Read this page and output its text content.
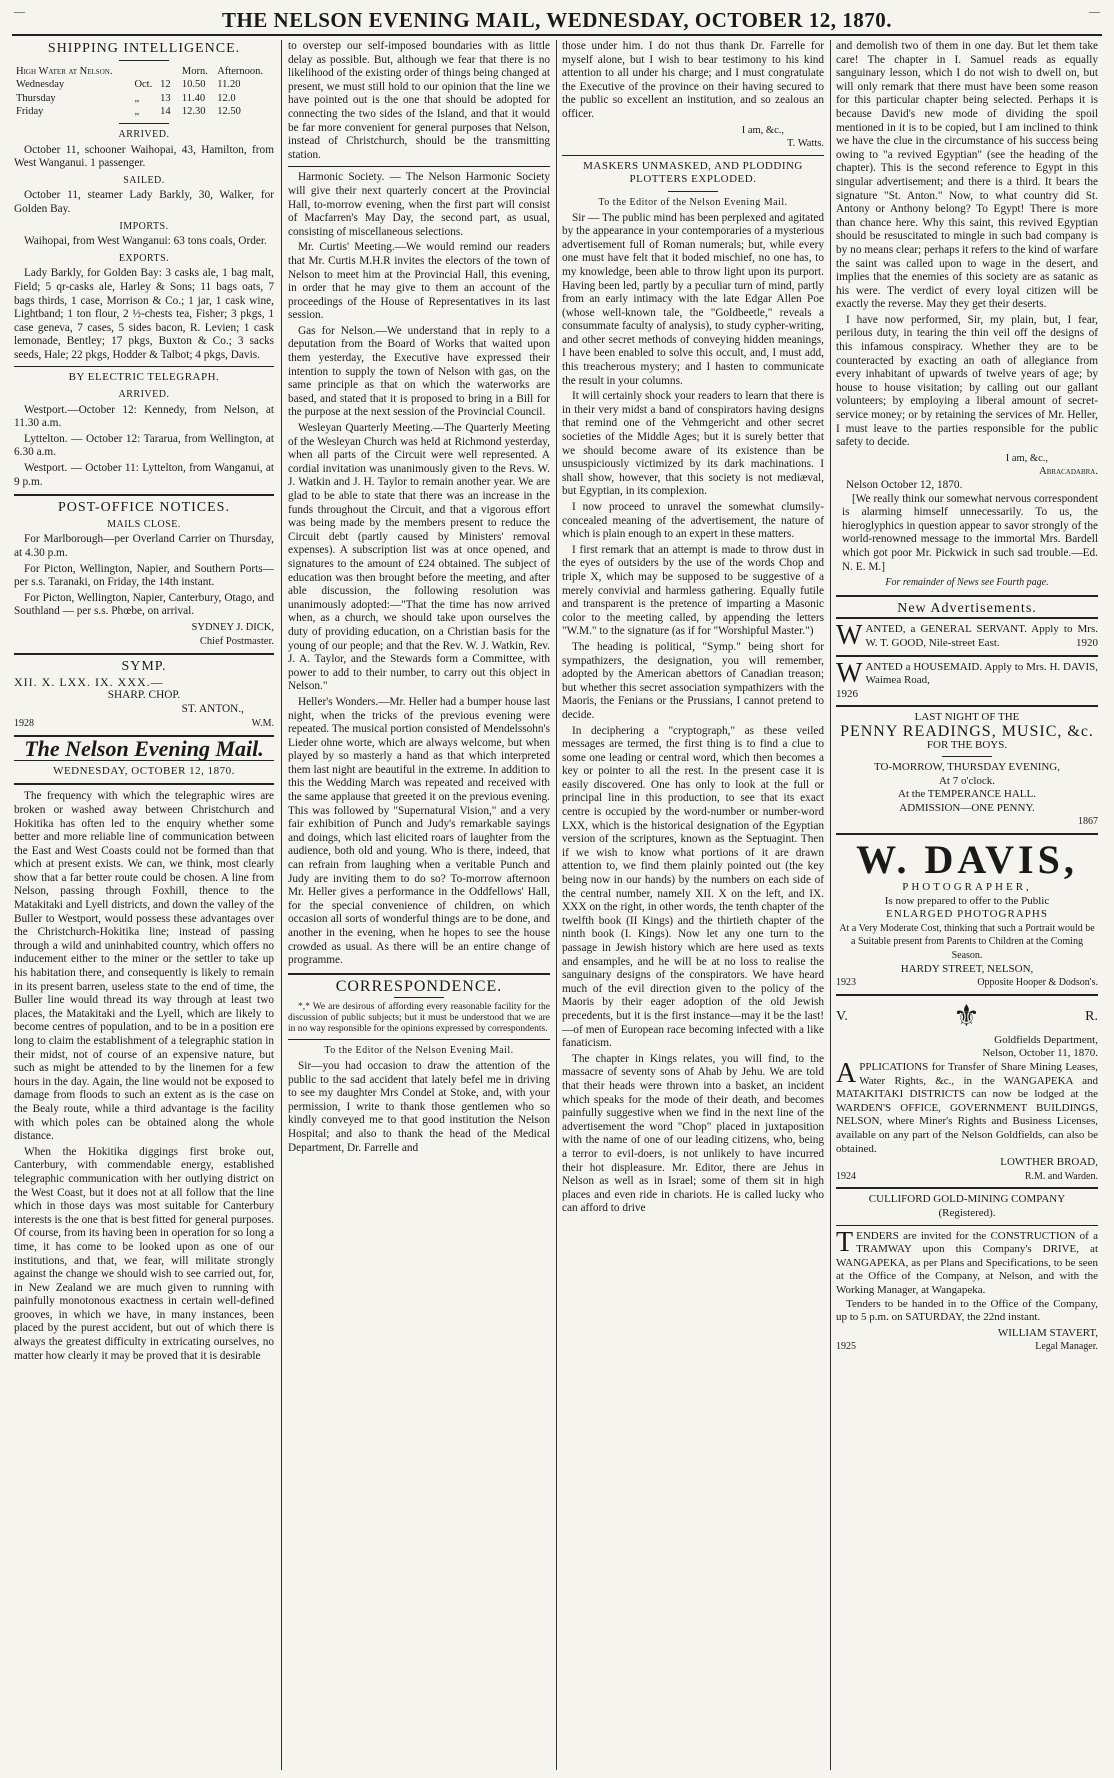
—	THE NELSON EVENING MAIL, WEDNESDAY, OCTOBER 12, 1870.	—
SHIPPING INTELLIGENCE.
High Water at Nelson.				Morn.	Afternoon.
Wednesday	Oct.	12		10.50	11.20
Thursday	„	13		11.40	12.0
Friday	„	14		12.30	12.50
ARRIVED.

October 11, schooner Waihopai, 43, Hamilton, from West Wanganui. 1 passenger.

SAILED.

October 11, steamer Lady Barkly, 30, Walker, for Golden Bay.

IMPORTS.

Waihopai, from West Wanganui: 63 tons coals, Order.

EXPORTS.

Lady Barkly, for Golden Bay: 3 casks ale, 1 bag malt, Field; 5 qr-casks ale, Harley & Sons; 11 bags oats, 7 bags thirds, 1 case, Morrison & Co.; 1 jar, 1 cask wine, Lightband; 1 ton flour, 2 ½-chests tea, Fisher; 3 pkgs, 1 case geneva, 7 cases, 5 sides bacon, R. Levien; 1 cask lemonade, Bentley; 17 pkgs, Buxton & Co.; 3 sacks seeds, Hale; 22 pkgs, Hodder & Talbot; 4 pkgs, Davis.

BY ELECTRIC TELEGRAPH.
ARRIVED.

Westport.—October 12: Kennedy, from Nelson, at 11.30 a.m.

Lyttelton. — October 12: Tararua, from Wellington, at 6.30 a.m.

Westport. — October 11: Lyttelton, from Wanganui, at 9 p.m.

POST-OFFICE NOTICES.
MAILS CLOSE.

For Marlborough—per Overland Carrier on Thursday, at 4.30 p.m.

For Picton, Wellington, Napier, and Southern Ports—per s.s. Taranaki, on Friday, the 14th instant.

For Picton, Wellington, Napier, Canterbury, Otago, and Southland — per s.s. Phœbe, on arrival.

SYDNEY J. DICK,
Chief Postmaster.
SYMP.
XII. X. LXX. IX. XXX.—
SHARP. CHOP.
ST. ANTON.,
1928	W.M.
The Nelson Evening Mail.
WEDNESDAY, OCTOBER 12, 1870.

The frequency with which the telegraphic wires are broken or washed away between Christchurch and Hokitika has often led to the enquiry whether some better and more reliable line of communication between the East and West Coasts could not be formed than that which at present exists. We can, we think, most clearly show that a far better route could be chosen. A line from Nelson, passing through Foxhill, thence to the Matakitaki and Lyell districts, and down the valley of the Buller to Westport, would possess these advantages over the Christchurch-Hokitika line; instead of passing through a wild and uninhabited country, which offers no inducement either to the miner or the settler to take up his habitation there, and consequently is likely to remain in its present barren, useless state to the end of time, the Buller line would thread its way through at least two places, the Matakitaki and the Lyell, which are likely to become centres of population, and to be in a position ere long to claim the establishment of a telegraphic station in their midst, not of course of an expensive nature, but such as might be attended to by the linemen for a few hours in the day. Again, the line would not be exposed to damage from floods to such an extent as is the case on the Bealy route, while a third advantage is the facility with which poles can be obtained along the whole distance.

When the Hokitika diggings first broke out, Canterbury, with commendable energy, established telegraphic communication with her outlying district on the West Coast, but it does not at all follow that the line which in those days was most suitable for Canterbury interests is the one that is best fitted for general purposes. Of course, from its having been in operation for so long a time, it has come to be looked upon as one of our institutions, and that, we fear, will militate strongly against the change we should wish to see carried out, for, in New Zealand we are much given to running with painfully monotonous exactness in certain well-defined grooves, in which we have, in many instances, been placed by the purest accident, but out of which there is always the greatest difficulty in extricating ourselves, no matter how clearly it may be proved that it is desirable

to overstep our self-imposed boundaries with as little delay as possible. But, although we fear that there is no likelihood of the existing order of things being changed at present, we must still hold to our opinion that the line we have pointed out is the one that should be adopted for connecting the two sides of the Island, and that it would be far more convenient for general purposes that Nelson, instead of Christchurch, should be the transmitting station.

Harmonic Society. — The Nelson Harmonic Society will give their next quarterly concert at the Provincial Hall, to-morrow evening, when the first part will consist of Macfarren's May Day, the second part, as usual, consisting of miscellaneous selections.

Mr. Curtis' Meeting.—We would remind our readers that Mr. Curtis M.H.R invites the electors of the town of Nelson to meet him at the Provincial Hall, this evening, in order that he may give to them an account of the proceedings of the House of Representatives in its last session.

Gas for Nelson.—We understand that in reply to a deputation from the Board of Works that waited upon them yesterday, the Executive have expressed their intention to supply the town of Nelson with gas, on the same principle as that on which the waterworks are based, and stated that it is proposed to bring in a Bill for the purpose at the next session of the Provincial Council.

Wesleyan Quarterly Meeting.—The Quarterly Meeting of the Wesleyan Church was held at Richmond yesterday, when all parts of the Circuit were well represented. A cordial invitation was unanimously given to the Revs. W. J. Watkin and J. H. Taylor to remain another year. We are glad to be able to state that there was an increase in the funds throughout the Circuit, and that a vigorous effort was being made by the members present to reduce the Circuit debt (partly caused by Ministers' removal expenses). A subscription list was at once opened, and signatures to the amount of £24 obtained. The subject of education was then brought before the meeting, and after able discussion, the following resolution was unanimously adopted:—"That the time has now arrived when, as a church, we should take upon ourselves the duty of providing education, on a Christian basis for the young of our people; and that the Rev. W. J. Watkin, Rev. J. A. Taylor, and the Stewards form a Committee, with power to add to their number, to carry out this object in Nelson."

Heller's Wonders.—Mr. Heller had a bumper house last night, when the tricks of the previous evening were repeated. The musical portion consisted of Mendelssohn's Lieder ohne worte, which are always welcome, but when played by so masterly a hand as that which interpreted them last night are beautiful in the extreme. In addition to this the Wedding March was repeated and received with the same applause that greeted it on the previous evening. This was followed by "Supernatural Vision," and a very fair exhibition of Punch and Judy's remarkable sayings and doings, which last elicited roars of laughter from the audience, both old and young. Who is there, indeed, that can refrain from laughing when a veritable Punch and Judy are inviting them to do so? To-morrow afternoon Mr. Heller gives a performance in the Oddfellows' Hall, for the special convenience of children, on which occasion all sorts of wonderful things are to be done, and another in the evening, when he hopes to see the house crowded as usual. As there will be an entire change of programme.

CORRESPONDENCE.

*,* We are desirous of affording every reasonable facility for the discussion of public subjects; but it must be understood that we are in no way responsible for the opinions expressed by correspondents.

To the Editor of the Nelson Evening Mail.

Sir—you had occasion to draw the attention of the public to the sad accident that lately befel me in driving to see my daughter Mrs Condel at Stoke, and, with your permission, I write to thank those gentlemen who so kindly conveyed me to that good institution the Nelson Hospital; and also to thank the head of the Medical Department, Dr. Farrelle and

those under him. I do not thus thank Dr. Farrelle for myself alone, but I wish to bear testimony to his kind attention to all under his charge; and I must congratulate the Executive of the province on their having secured to the public so excellent an institution, and so zealous an officer.

I am, &c.,
T. Watts.
MASKERS UNMASKED, AND PLODDING PLOTTERS EXPLODED.
To the Editor of the Nelson Evening Mail.

Sir — The public mind has been perplexed and agitated by the appearance in your contemporaries of a mysterious advertisement full of Roman numerals; but, while every one must have felt that it boded mischief, no one has, to my knowledge, been able to throw light upon its purport. Having been led, partly by a peculiar turn of mind, partly from an early intimacy with the late Edgar Allen Poe (whose well-known tale, the "Goldbeetle," reveals a consummate faculty of analysis), to study cypher-writing, and other secret methods of conveying hidden meanings, I have been enabled to solve this occult, and, I must add, this treacherous mystery; and I hasten to communicate the result in your columns.

It will certainly shock your readers to learn that there is in their very midst a band of conspirators having designs that remind one of the Vehmgericht and other secret societies of the Middle Ages; but it is surely better that we should become aware of its existence than be unsuspiciously victimized by its dark machinations. I shall show, however, that this society is not mediæval, but Egyptian, in its complexion.

I now proceed to unravel the somewhat clumsily-concealed meaning of the advertisement, the nature of which is plain enough to an expert in these matters.

I first remark that an attempt is made to throw dust in the eyes of outsiders by the use of the words Chop and triple X, which may be supposed to be suggestive of a merely convivial and harmless gathering. Equally futile and transparent is the pretence of imparting a Masonic color to the meeting called, by appending the letters "W.M." to the signature (as if for "Worshipful Master.")

The heading is political, "Symp." being short for sympathizers, the designation, you will remember, adopted by the American abettors of Canadian treason; but whether this secret association sympathizers with the Maoris, the Fenians or the Prussians, I cannot pretend to decide.

In deciphering a "cryptograph," as these veiled messages are termed, the first thing is to find a clue to some one leading or central word, which then becomes a key or pointer to all the rest. In the present case it is easily discovered. One has only to look at the full or principal line in this production, to see that its exact centre is occupied by the word-number or number-word LXX, which is the historical designation of the Egyptian version of the scriptures, known as the Septuagint. Then if we wish to know what portions of it are drawn attention to, we find them plainly pointed out (the key being now in our hands) by the numbers on each side of the central number, namely XII. X on the left, and IX. XXX on the right, in other words, the tenth chapter of the twelfth book (II Kings) and the thirtieth chapter of the ninth book (I. Kings). Now let any one turn to the passage in Jewish history which are here used as texts and ensamples, and he will be at no loss to realise the sanguinary designs of the conspirators. We have heard much of the evil direction given to the policy of the Maoris by their eager adoption of the old Jewish precedents, but it is the first instance—may it be the last!—of men of European race becoming infected with a like fanaticism.

The chapter in Kings relates, you will find, to the massacre of seventy sons of Ahab by Jehu. We are told that their heads were thrown into a basket, an incident which speaks for the mode of their death, and becomes painfully suggestive when we find in the next line of the advertisement the word "Chop" placed in juxtaposition with the name of one of our leading citizens, who, being a terror to evil-doers, is not unlikely to have incurred their hot displeasure. Mr. Editor, there are Jehus in Nelson as well as in Israel; some of them sit in high places and even ride in chariots. He is called lucky who can afford to drive

and demolish two of them in one day. But let them take care! The chapter in I. Samuel reads as equally sanguinary lesson, which I do not wish to dwell on, but will only remark that there must have been some reason for this particular chapter being selected. Perhaps it is because David's new mode of dividing the spoil mentioned in it is to be copied, but I am inclined to think we have the clue in the circumstance of his success being owing to "a revived Egyptian" (see the heading of the chapter). This is the second reference to Egypt in this singular advertisement; and there is a third. It bears the signature "St. Anton." Now, to what country did St. Antony or Anthony belong? To Egypt! There is more than chance here. Why this saint, this revived Egyptian should be resuscitated to mingle in such bad company is by no means clear; perhaps it refers to the kind of warfare the saint was called upon to wage in the desert, and implies that the enemies of this society are as satanic as his were. The verdict of every loyal citizen will be exactly the reverse. May they get their deserts.

I have now performed, Sir, my plain, but, I fear, perilous duty, in tearing the thin veil off the designs of this infamous conspiracy. Whether they are to be counteracted by exacting an oath of allegiance from every inhabitant of upwards of twelve years of age; by house to house visitation; by calling out our gallant volunteers; by employing a liberal amount of secret-service money; or by retaining the services of Mr. Heller, I must leave to the parties responsible for the public safety to decide.

I am, &c.,
Abracadabra.
Nelson October 12, 1870.

[We really think our somewhat nervous correspondent is alarming himself unnecessarily. To us, the hieroglyphics in question appear to savor strongly of the world-renowned message to the immortal Mrs. Bardell which got poor Mr. Pickwick in such sad trouble.—Ed. N. E. M.]

For remainder of News see Fourth page.
New Advertisements.
W ANTED, a GENERAL SERVANT. Apply to Mrs. W. T. GOOD, Nile-street East.	1920
W ANTED a HOUSEMAID. Apply to Mrs. H. DAVIS, Waimea Road,
1926
LAST NIGHT OF THE
PENNY READINGS, MUSIC, &c.
FOR THE BOYS.
TO-MORROW, THURSDAY EVENING,
At 7 o'clock.
At the TEMPERANCE HALL.
ADMISSION—ONE PENNY.
1867
W. DAVIS,
PHOTOGRAPHER,
Is now prepared to offer to the Public
ENLARGED PHOTOGRAPHS
At a Very Moderate Cost, thinking that such a Portrait would be a Suitable present from Parents to Children at the Coming Season.
HARDY STREET, NELSON,
1923	Opposite Hooper & Dodson's.
V.	⚜	R.
Goldfields Department,
Nelson, October 11, 1870.
A PPLICATIONS for Transfer of Share Mining Leases, Water Rights, &c., in the WANGAPEKA and MATAKITAKI DISTRICTS can now be lodged at the WARDEN'S OFFICE, GOVERNMENT BUILDINGS, NELSON, where Miner's Rights and Business Licenses, available on any part of the Nelson Goldfields, can also be obtained.
LOWTHER BROAD,
1924	R.M. and Warden.
CULLIFORD GOLD-MINING COMPANY
(Registered).
T ENDERS are invited for the CONSTRUCTION of a TRAMWAY upon this Company's DRIVE, at WANGAPEKA, as per Plans and Specifications, to be seen at the Office of the Company, at Nelson, and with the Working Manager, at Wangapeka.

Tenders to be handed in to the Office of the Company, up to 5 p.m. on SATURDAY, the 22nd instant.

WILLIAM STAVERT,
1925	Legal Manager.
